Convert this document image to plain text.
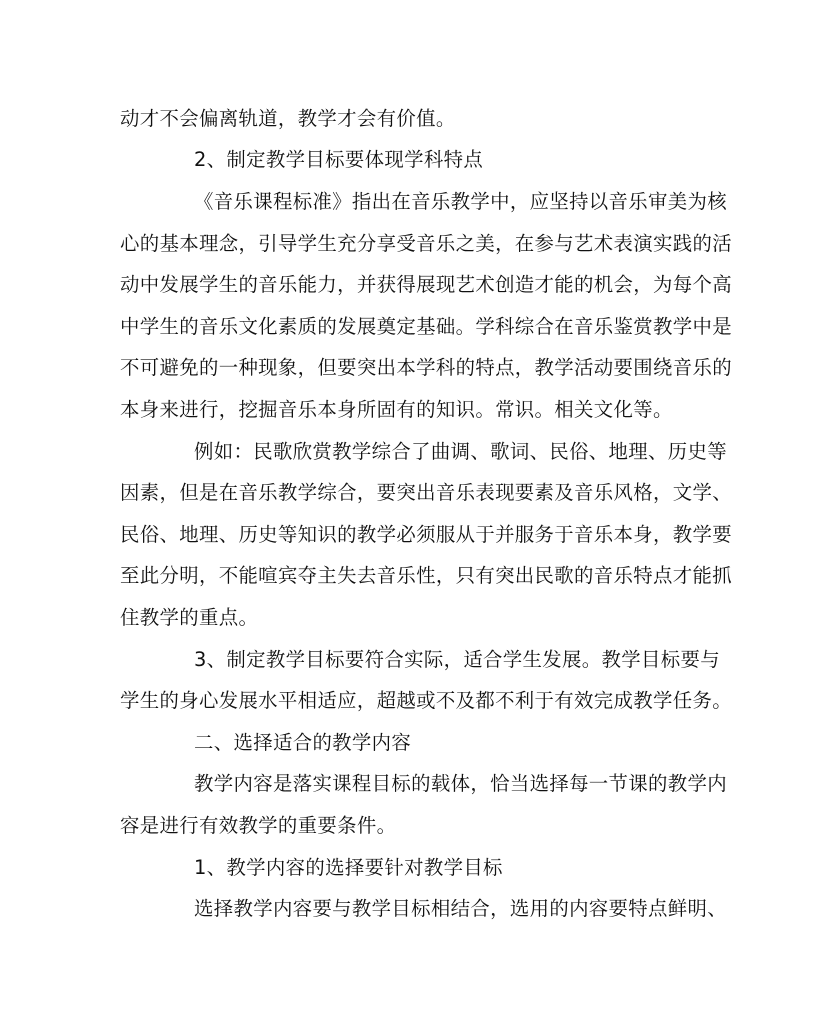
动才不会偏离轨道，教学才会有价值。
2、制定教学目标要体现学科特点
《音乐课程标准》指出在音乐教学中，应坚持以音乐审美为核
心的基本理念，引导学生充分享受音乐之美，在参与艺术表演实践的活
动中发展学生的音乐能力，并获得展现艺术创造才能的机会，为每个高
中学生的音乐文化素质的发展奠定基础。学科综合在音乐鉴赏教学中是
不可避免的一种现象，但要突出本学科的特点，教学活动要围绕音乐的
本身来进行，挖掘音乐本身所固有的知识。常识。相关文化等。
例如：民歌欣赏教学综合了曲调、歌词、民俗、地理、历史等
因素，但是在音乐教学综合，要突出音乐表现要素及音乐风格，文学、
民俗、地理、历史等知识的教学必须服从于并服务于音乐本身，教学要
至此分明，不能喧宾夺主失去音乐性，只有突出民歌的音乐特点才能抓
住教学的重点。
3、制定教学目标要符合实际，适合学生发展。教学目标要与
学生的身心发展水平相适应，超越或不及都不利于有效完成教学任务。
二、选择适合的教学内容
教学内容是落实课程目标的载体，恰当选择每一节课的教学内
容是进行有效教学的重要条件。
1、教学内容的选择要针对教学目标
选择教学内容要与教学目标相结合，选用的内容要特点鲜明、
